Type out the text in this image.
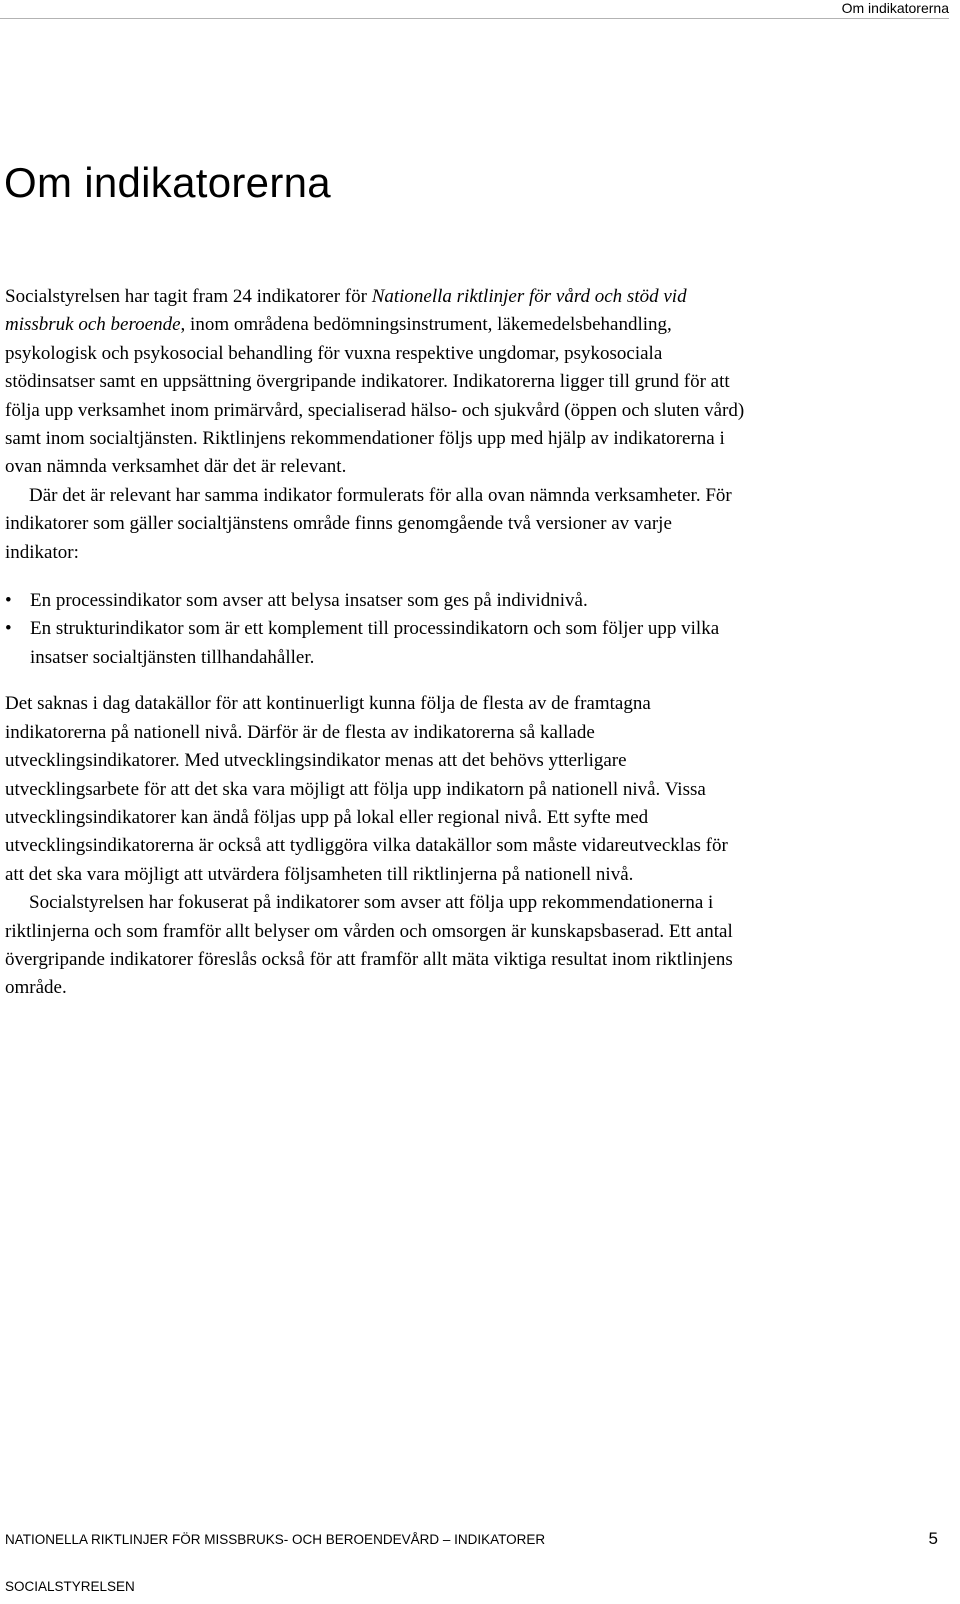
Om indikatorerna
Om indikatorerna

Socialstyrelsen har tagit fram 24 indikatorer för Nationella riktlinjer för vård och stöd vid missbruk och beroende, inom områdena bedömningsinstrument, läkemedelsbehandling, psykologisk och psykosocial behandling för vuxna respektive ungdomar, psykosociala stödinsatser samt en uppsättning övergripande indikatorer. Indikatorerna ligger till grund för att följa upp verksamhet inom primärvård, specialiserad hälso- och sjukvård (öppen och sluten vård) samt inom socialtjänsten. Riktlinjens rekommendationer följs upp med hjälp av indikatorerna i ovan nämnda verksamhet där det är relevant.

Där det är relevant har samma indikator formulerats för alla ovan nämnda verksamheter. För indikatorer som gäller socialtjänstens område finns genomgående två versioner av varje indikator:

• En processindikator som avser att belysa insatser som ges på individnivå.
• En strukturindikator som är ett komplement till processindikatorn och som följer upp vilka insatser socialtjänsten tillhandahåller.

Det saknas i dag datakällor för att kontinuerligt kunna följa de flesta av de framtagna indikatorerna på nationell nivå. Därför är de flesta av indikatorerna så kallade utvecklingsindikatorer. Med utvecklingsindikator menas att det behövs ytterligare utvecklingsarbete för att det ska vara möjligt att följa upp indikatorn på nationell nivå. Vissa utvecklingsindikatorer kan ändå följas upp på lokal eller regional nivå. Ett syfte med utvecklingsindikatorerna är också att tydliggöra vilka datakällor som måste vidareutvecklas för att det ska vara möjligt att utvärdera följsamheten till riktlinjerna på nationell nivå.

Socialstyrelsen har fokuserat på indikatorer som avser att följa upp rekommendationerna i riktlinjerna och som framför allt belyser om vården och omsorgen är kunskapsbaserad. Ett antal övergripande indikatorer föreslås också för att framför allt mäta viktiga resultat inom riktlinjens område.

NATIONELLA RIKTLINJER FÖR MISSBRUKS- OCH BEROENDEVÅRD – INDIKATORER
SOCIALSTYRELSEN
5
